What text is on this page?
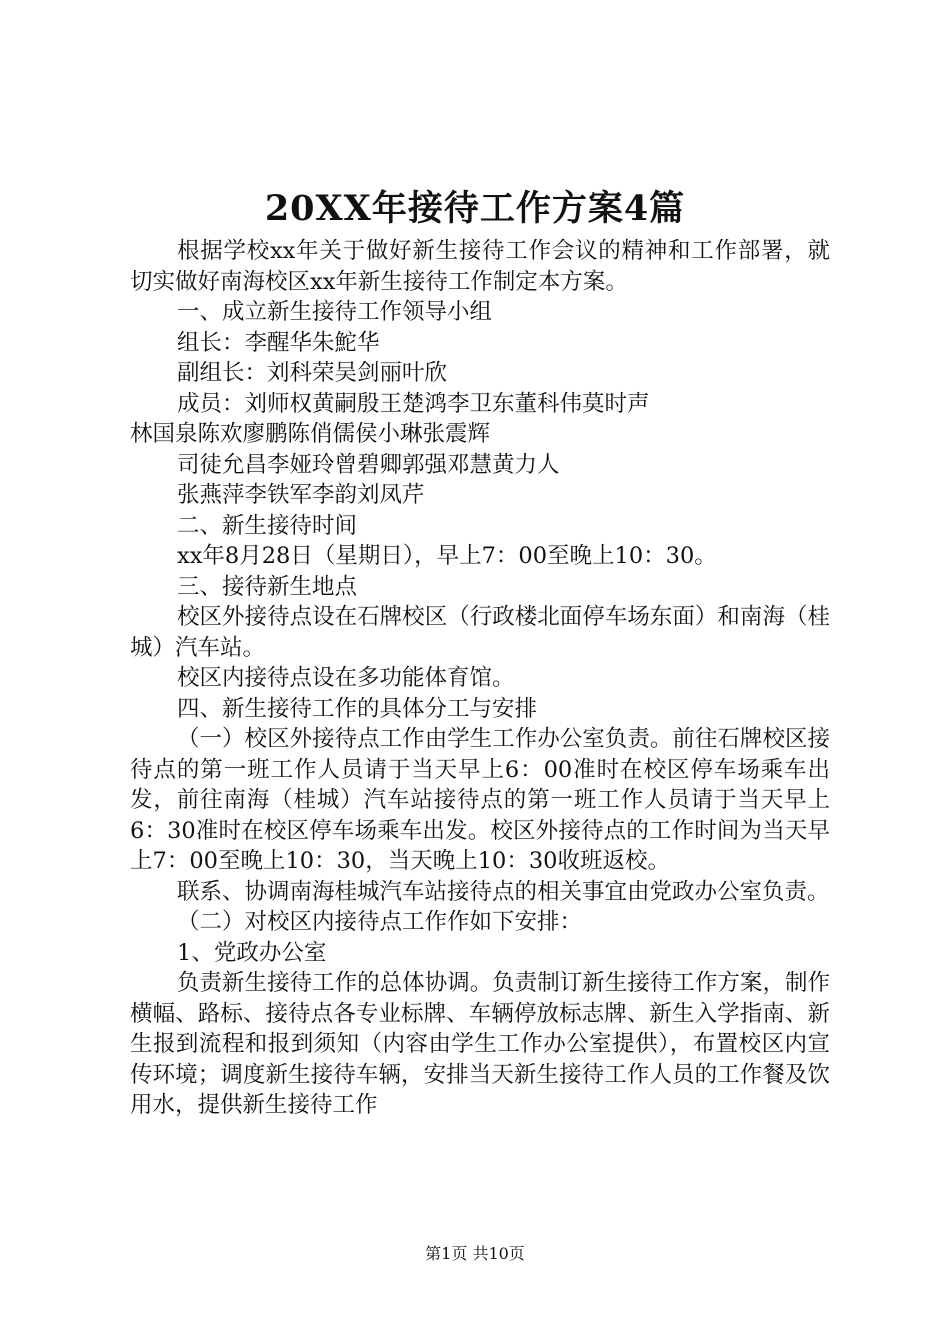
20XX年接待工作方案4篇

根据学校xx年关于做好新生接待工作会议的精神和工作部署，就切实做好南海校区xx年新生接待工作制定本方案。

一、成立新生接待工作领导小组

组长：李醒华朱鮀华

副组长：刘科荣吴剑丽叶欣

成员：刘师权黄嗣殷王楚鸿李卫东董科伟莫时声

林国泉陈欢廖鹏陈俏儒侯小琳张震辉

司徒允昌李娅玲曾碧卿郭强邓慧黄力人

张燕萍李铁军李韵刘凤芹

二、新生接待时间

xx年8月28日（星期日），早上7：00至晚上10：30。

三、接待新生地点

校区外接待点设在石牌校区（行政楼北面停车场东面）和南海（桂城）汽车站。

校区内接待点设在多功能体育馆。

四、新生接待工作的具体分工与安排

（一）校区外接待点工作由学生工作办公室负责。前往石牌校区接待点的第一班工作人员请于当天早上6：00准时在校区停车场乘车出发，前往南海（桂城）汽车站接待点的第一班工作人员请于当天早上6：30准时在校区停车场乘车出发。校区外接待点的工作时间为当天早上7：00至晚上10：30，当天晚上10：30收班返校。

联系、协调南海桂城汽车站接待点的相关事宜由党政办公室负责。

（二）对校区内接待点工作作如下安排：

1、党政办公室

负责新生接待工作的总体协调。负责制订新生接待工作方案，制作横幅、路标、接待点各专业标牌、车辆停放标志牌、新生入学指南、新生报到流程和报到须知（内容由学生工作办公室提供），布置校区内宣传环境；调度新生接待车辆，安排当天新生接待工作人员的工作餐及饮用水，提供新生接待工作

第1页 共10页
